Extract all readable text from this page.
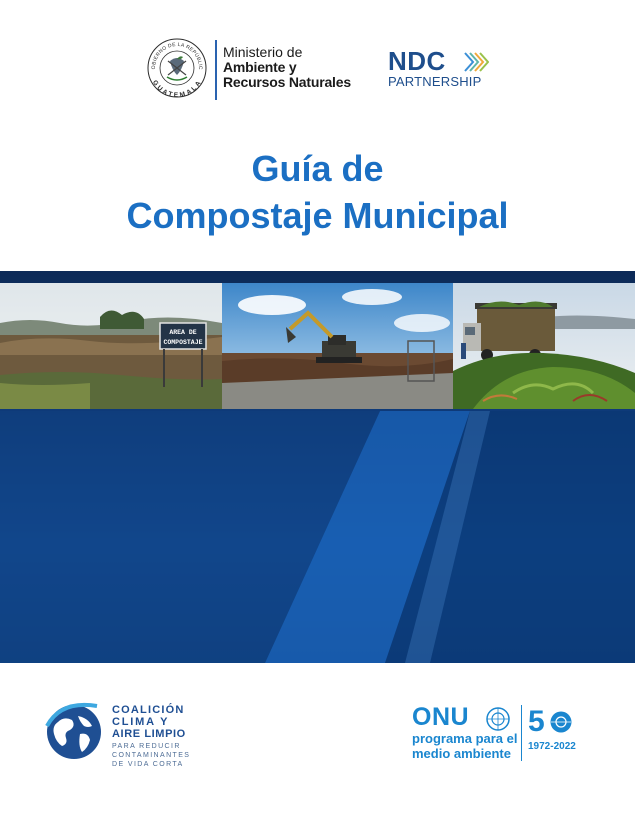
OBIERNO DE LA REPÚBLIC
GUATEMALA
Ministerio de
Ambiente y
Recursos Naturales
NDC
PARTNERSHIP
Guía de
Compostaje Municipal
AREA DE
COMPOSTAJE
COALICIÓN
CLIMA Y
AIRE LIMPIO
PARA REDUCIR
CONTAMINANTES
DE VIDA CORTA
ONU
programa para el
medio ambiente
5
1972-2022
